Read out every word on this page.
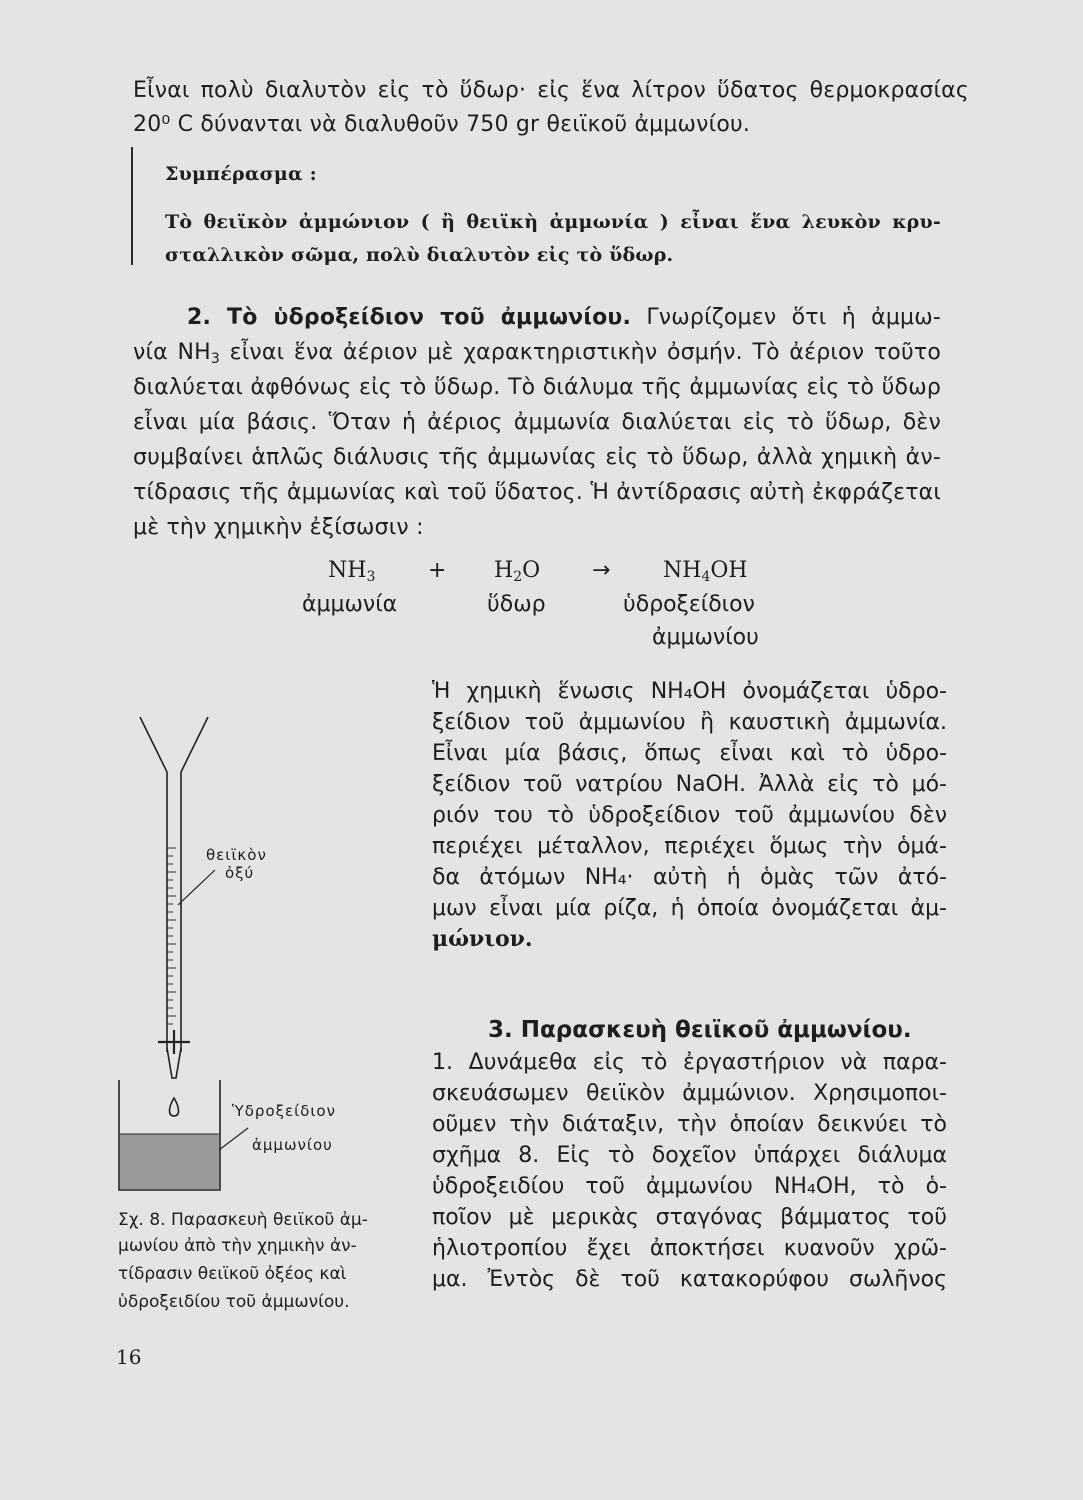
Εἶναι πολὺ διαλυτὸν εἰς τὸ ὕδωρ· εἰς ἕνα λίτρον ὕδατος θερμοκρασίας
20⁰ C δύνανται νὰ διαλυθοῦν 750 gr θειϊκοῦ ἀμμωνίου.
Συμπέρασμα :
Τὸ θειϊκὸν ἀμμώνιον ( ἢ θειϊκὴ ἀμμωνία ) εἶναι ἕνα λευκὸν κρυ-
σταλλικὸν σῶμα, πολὺ διαλυτὸν εἰς τὸ ὕδωρ.
2. Τὸ ὑδροξείδιον τοῦ ἀμμωνίου. Γνωρίζομεν ὅτι ἡ ἀμμω-
νία $NH_3$ εἶναι ἕνα ἀέριον μὲ χαρακτηριστικὴν ὀσμήν. Τὸ ἀέριον τοῦτο
διαλύεται ἀφθόνως εἰς τὸ ὕδωρ. Τὸ διάλυμα τῆς ἀμμωνίας εἰς τὸ ὕδωρ
εἶναι μία βάσις. Ὅταν ἡ ἀέριος ἀμμωνία διαλύεται εἰς τὸ ὕδωρ, δὲν
συμβαίνει ἁπλῶς διάλυσις τῆς ἀμμωνίας εἰς τὸ ὕδωρ, ἀλλὰ χημικὴ ἀν-
τίδρασις τῆς ἀμμωνίας καὶ τοῦ ὕδατος. Ἡ ἀντίδρασις αὐτὴ ἐκφράζεται
μὲ τὴν χημικὴν ἐξίσωσιν :
$NH_3$
ἀμμωνία
+ $H_2O$
ὕδωρ
→ $NH_4OH$
ὑδροξείδιον
ἀμμωνίου
Ἡ χημικὴ ἕνωσις NH₄OH ὀνομάζεται ὑδρο-
ξείδιον τοῦ ἀμμωνίου ἢ καυστικὴ ἀμμωνία.
Εἶναι μία βάσις, ὅπως εἶναι καὶ τὸ ὑδρο-
ξείδιον τοῦ νατρίου NaOH. Ἀλλὰ εἰς τὸ μό-
ριόν του τὸ ὑδροξείδιον τοῦ ἀμμωνίου δὲν
περιέχει μέταλλον, περιέχει ὅμως τὴν ὁμά-
δα ἀτόμων NH₄· αὐτὴ ἡ ὁμὰς τῶν ἀτό-
μων εἶναι μία ρίζα, ἡ ὁποία ὀνομάζεται ἀμ-
μώνιον.
3. Παρασκευὴ θειϊκοῦ ἀμμωνίου.
1. Δυνάμεθα εἰς τὸ ἐργαστήριον νὰ παρα-
σκευάσωμεν θειϊκὸν ἀμμώνιον. Χρησιμοποι-
οῦμεν τὴν διάταξιν, τὴν ὁποίαν δεικνύει τὸ
σχῆμα 8. Εἰς τὸ δοχεῖον ὑπάρχει διάλυμα
ὑδροξειδίου τοῦ ἀμμωνίου NH₄OH, τὸ ὁ-
ποῖον μὲ μερικὰς σταγόνας βάμματος τοῦ
ἡλιοτροπίου ἔχει ἀποκτήσει κυανοῦν χρῶ-
μα. Ἐντὸς δὲ τοῦ κατακορύφου σωλῆνος
θειϊκὸν
ὀξύ
Ὑδροξείδιον
ἀμμωνίου
Σχ. 8. Παρασκευὴ θειϊκοῦ ἀμ-
μωνίου ἀπὸ τὴν χημικὴν ἀν-
τίδρασιν θειϊκοῦ ὀξέος καὶ
ὑδροξειδίου τοῦ ἀμμωνίου.
16
